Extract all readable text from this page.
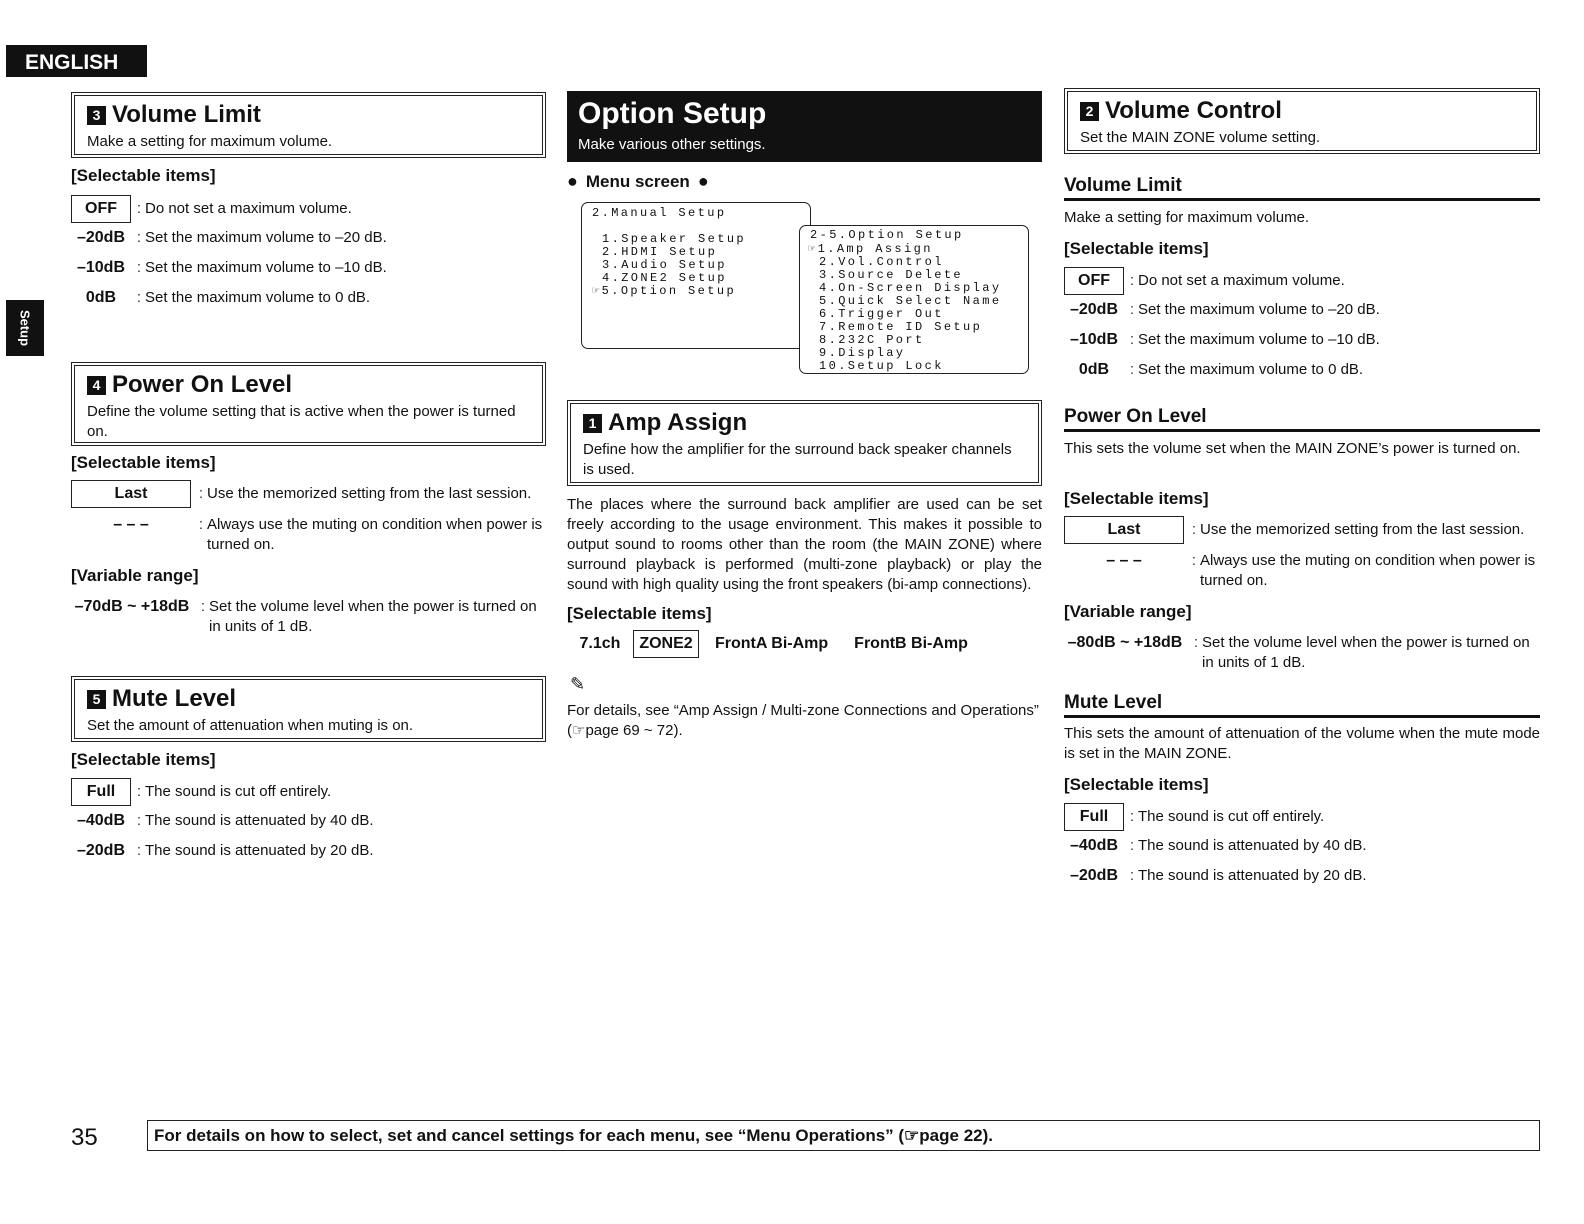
ENGLISH
Setup
3 Volume Limit
Make a setting for maximum volume.
[Selectable items]
OFF	: Do not set a maximum volume.
–20dB : Set the maximum volume to –20 dB.
–10dB : Set the maximum volume to –10 dB.
0dB	: Set the maximum volume to 0 dB.
4 Power On Level
Define the volume setting that is active when the power is turned on.
[Selectable items]
Last	: Use the memorized setting from the last session.
– – –	: Always use the muting on condition when power is turned on.
[Variable range]
–70dB ~ +18dB : Set the volume level when the power is turned on in units of 1 dB.
5 Mute Level
Set the amount of attenuation when muting is on.
[Selectable items]
Full	: The sound is cut off entirely.
–40dB : The sound is attenuated by 40 dB.
–20dB : The sound is attenuated by 20 dB.
Option Setup
Make various other settings.
● Menu screen ●
2.Manual Setup
1.Speaker Setup
2.HDMI Setup
3.Audio Setup
4.ZONE2 Setup
☞5.Option Setup
2-5.Option Setup
☞1.Amp Assign
2.Vol.Control
3.Source Delete
4.On-Screen Display
5.Quick Select Name
6.Trigger Out
7.Remote ID Setup
8.232C Port
9.Display
10.Setup Lock
1 Amp Assign
Define how the amplifier for the surround back speaker channels is used.
The places where the surround back amplifier are used can be set freely according to the usage environment. This makes it possible to output sound to rooms other than the room (the MAIN ZONE) where surround playback is performed (multi-zone playback) or play the sound with high quality using the front speakers (bi-amp connections).
[Selectable items]
7.1ch	ZONE2	FrontA Bi-Amp FrontB Bi-Amp
✎
For details, see “Amp Assign / Multi-zone Connections and Operations” (☞page 69 ~ 72).
2 Volume Control
Set the MAIN ZONE volume setting.
Volume Limit
Make a setting for maximum volume.
[Selectable items]
OFF	: Do not set a maximum volume.
–20dB : Set the maximum volume to –20 dB.
–10dB : Set the maximum volume to –10 dB.
0dB	: Set the maximum volume to 0 dB.
Power On Level
This sets the volume set when the MAIN ZONE’s power is turned on.
[Selectable items]
Last	: Use the memorized setting from the last session.
– – –	: Always use the muting on condition when power is turned on.
[Variable range]
–80dB ~ +18dB : Set the volume level when the power is turned on in units of 1 dB.
Mute Level
This sets the amount of attenuation of the volume when the mute mode is set in the MAIN ZONE.
[Selectable items]
Full	: The sound is cut off entirely.
–40dB : The sound is attenuated by 40 dB.
–20dB : The sound is attenuated by 20 dB.
35	For details on how to select, set and cancel settings for each menu, see “Menu Operations” (☞page 22).
